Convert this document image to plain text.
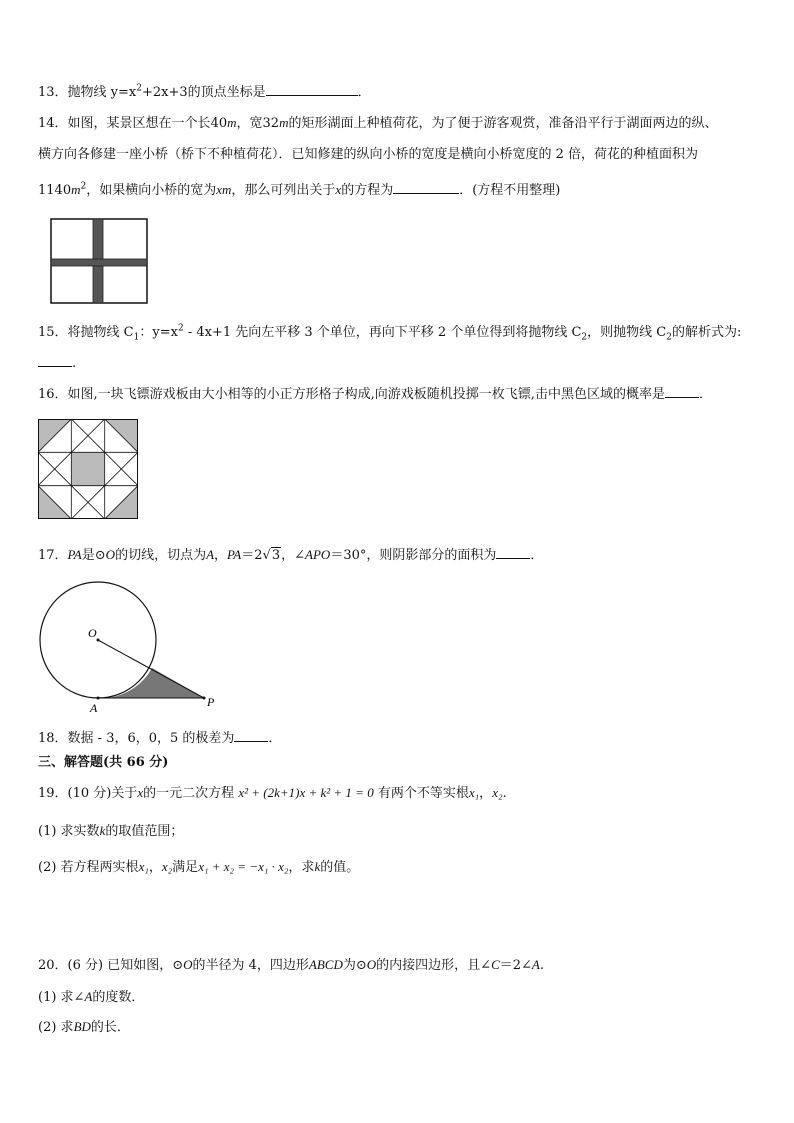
13．抛物线 $y=x^2+2x+3$的顶点坐标是	．
14．如图，某景区想在一个长40m，宽32m的矩形湖面上种植荷花，为了便于游客观赏，准备沿平行于湖面两边的纵、
横方向各修建一座小桥（桥下不种植荷花）．已知修建的纵向小桥的宽度是横向小桥宽度的 2 倍，荷花的种植面积为
$1140m^2$，如果横向小桥的宽为xm，那么可列出关于x的方程为	．(方程不用整理)
15．将抛物线 $C_1$：$y=x^2 - 4x+1$ 先向左平移 3 个单位，再向下平移 2 个单位得到将抛物线 $C_2$，则抛物线 $C_2$的解析式为:
.
16．如图,一块飞镖游戏板由大小相等的小正方形格子构成,向游戏板随机投掷一枚飞镖,击中黑色区域的概率是	．
17．PA是⊙O的切线，切点为A，PA＝2√3，∠APO＝30°，则阴影部分的面积为	．
O
A	P
18．数据 - 3，6，0，5 的极差为	．
三、解答题(共 66 分)
19．(10 分)关于x的一元二次方程 x² + (2k+1)x + k² + 1 = 0 有两个不等实根x₁，x₂.
(1) 求实数k的取值范围；
(2) 若方程两实根x₁，x₂满足x₁ + x₂ = −x₁ · x₂，求k的值。
20．(6 分) 已知如图，⊙O的半径为 4，四边形ABCD为⊙O的内接四边形，且∠C＝2∠A.
(1) 求∠A的度数．
(2) 求BD的长．
